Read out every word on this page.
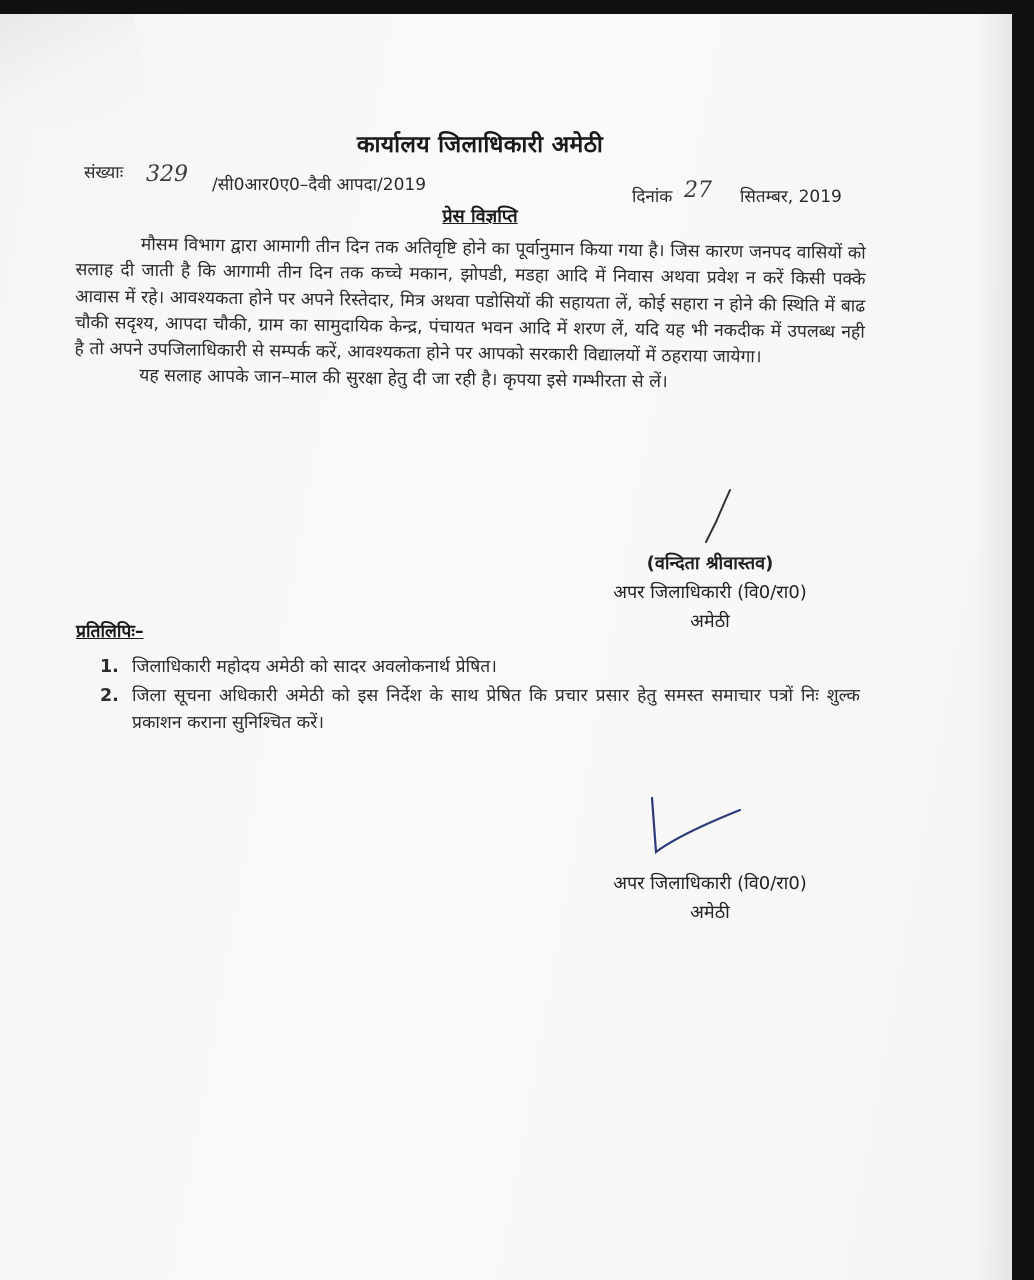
कार्यालय जिलाधिकारी अमेठी
संख्याः 329 /सी0आर0ए0–दैवी आपदा/2019
दिनांक 27 सितम्बर, 2019
प्रेस विज्ञप्ति

मौसम विभाग द्वारा आमागी तीन दिन तक अतिवृष्टि होने का पूर्वानुमान किया गया है। जिस कारण जनपद वासियों को सलाह दी जाती है कि आगामी तीन दिन तक कच्चे मकान, झोपडी, मडहा आदि में निवास अथवा प्रवेश न करें किसी पक्के आवास में रहे। आवश्यकता होने पर अपने रिस्तेदार, मित्र अथवा पडोसियों की सहायता लें, कोई सहारा न होने की स्थिति में बाढ चौकी सदृश्य, आपदा चौकी, ग्राम का सामुदायिक केन्द्र, पंचायत भवन आदि में शरण लें, यदि यह भी नकदीक में उपलब्ध नही है तो अपने उपजिलाधिकारी से सम्पर्क करें, आवश्यकता होने पर आपको सरकारी विद्यालयों में ठहराया जायेगा।

यह सलाह आपके जान–माल की सुरक्षा हेतु दी जा रही है। कृपया इसे गम्भीरता से लें।

(वन्दिता श्रीवास्तव)
अपर जिलाधिकारी (वि0/रा0)
अमेठी
प्रतिलिपिः–
1. जिलाधिकारी महोदय अमेठी को सादर अवलोकनार्थ प्रेषित।
2. जिला सूचना अधिकारी अमेठी को इस निर्देश के साथ प्रेषित कि प्रचार प्रसार हेतु समस्त समाचार पत्रों निः शुल्क प्रकाशन कराना सुनिश्चित करें।
अपर जिलाधिकारी (वि0/रा0)
अमेठी
